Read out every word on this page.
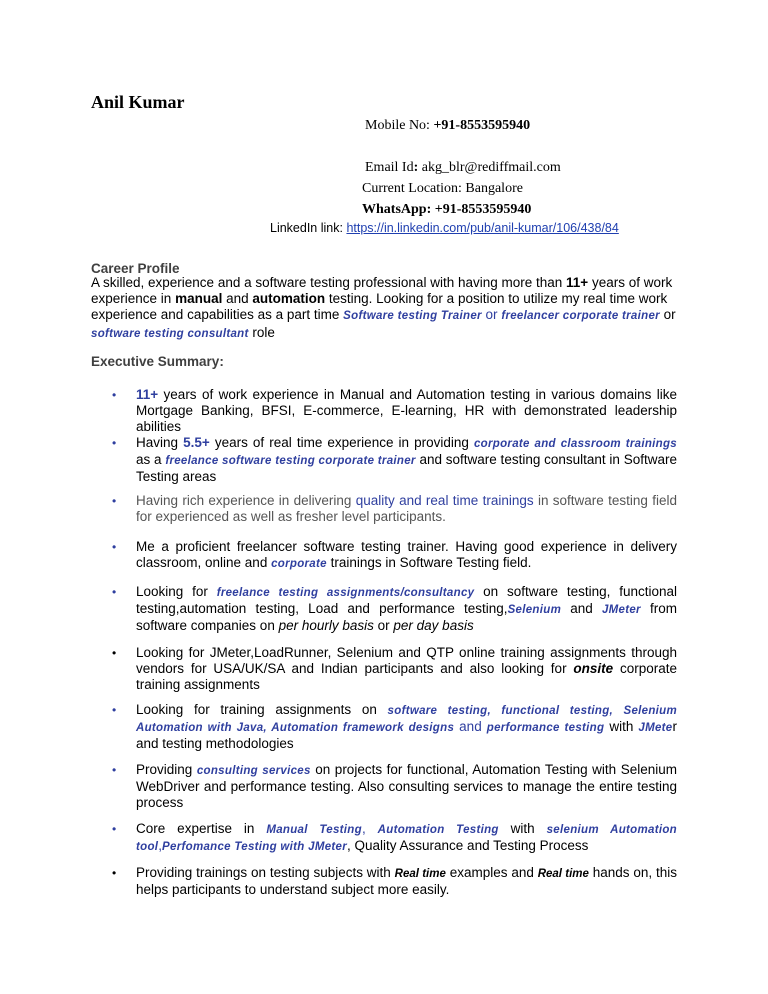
Anil Kumar
Mobile No: +91-8553595940
Email Id: akg_blr@rediffmail.com
Current Location: Bangalore
WhatsApp: +91-8553595940
LinkedIn link: https://in.linkedin.com/pub/anil-kumar/106/438/84
Career Profile
A skilled, experience and a software testing professional with having more than 11+ years of work experience in manual and automation testing. Looking for a position to utilize my real time work experience and capabilities as a part time Software testing Trainer or freelancer corporate trainer or software testing consultant role
Executive Summary:
•	11+ years of work experience in Manual and Automation testing in various domains like Mortgage Banking, BFSI, E-commerce, E-learning, HR with demonstrated leadership abilities
•	Having 5.5+ years of real time experience in providing corporate and classroom trainings as a freelance software testing corporate trainer and software testing consultant in Software Testing areas
•	Having rich experience in delivering quality and real time trainings in software testing field for experienced as well as fresher level participants.
•	Me a proficient freelancer software testing trainer. Having good experience in delivery classroom, online and corporate trainings in Software Testing field.
•	Looking for freelance testing assignments/consultancy on software testing, functional testing,automation testing, Load and performance testing,Selenium and JMeter from software companies on per hourly basis or per day basis
•	Looking for JMeter,LoadRunner, Selenium and QTP online training assignments through vendors for USA/UK/SA and Indian participants and also looking for onsite corporate training assignments
•	Looking for training assignments on software testing, functional testing, Selenium Automation with Java, Automation framework designs and performance testing with JMeter and testing methodologies
•	Providing consulting services on projects for functional, Automation Testing with Selenium WebDriver and performance testing. Also consulting services to manage the entire testing process
•	Core expertise in Manual Testing, Automation Testing with selenium Automation tool,Perfomance Testing with JMeter, Quality Assurance and Testing Process
•	Providing trainings on testing subjects with Real time examples and Real time hands on, this helps participants to understand subject more easily.
